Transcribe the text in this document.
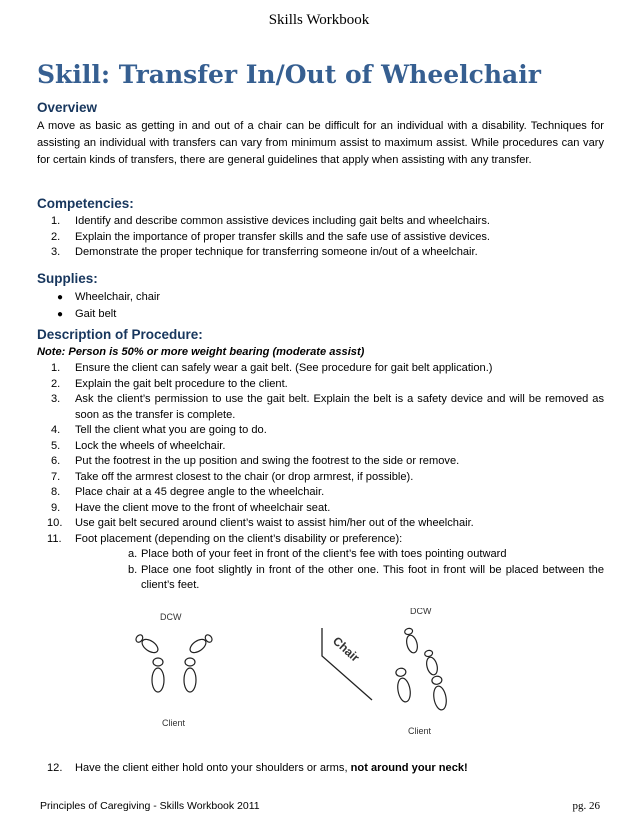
Skills Workbook
Skill: Transfer In/Out of Wheelchair
Overview
A move as basic as getting in and out of a chair can be difficult for an individual with a disability. Techniques for assisting an individual with transfers can vary from minimum assist to maximum assist. While procedures can vary for certain kinds of transfers, there are general guidelines that apply when assisting with any transfer.
Competencies:
1. Identify and describe common assistive devices including gait belts and wheelchairs.
2. Explain the importance of proper transfer skills and the safe use of assistive devices.
3. Demonstrate the proper technique for transferring someone in/out of a wheelchair.
Supplies:
● Wheelchair, chair
● Gait belt
Description of Procedure:
Note: Person is 50% or more weight bearing (moderate assist)
1. Ensure the client can safely wear a gait belt. (See procedure for gait belt application.)
2. Explain the gait belt procedure to the client.
3. Ask the client’s permission to use the gait belt. Explain the belt is a safety device and will be removed as soon as the transfer is complete.
4. Tell the client what you are going to do.
5. Lock the wheels of wheelchair.
6. Put the footrest in the up position and swing the footrest to the side or remove.
7. Take off the armrest closest to the chair (or drop armrest, if possible).
8. Place chair at a 45 degree angle to the wheelchair.
9. Have the client move to the front of wheelchair seat.
10. Use gait belt secured around client’s waist to assist him/her out of the wheelchair.
11. Foot placement (depending on the client’s disability or preference):
a. Place both of your feet in front of the client’s fee with toes pointing outward
b. Place one foot slightly in front of the other one. This foot in front will be placed between the client’s feet.
DCW
Client
Chair
DCW
Client
12. Have the client either hold onto your shoulders or arms, not around your neck!
Principles of Caregiving - Skills Workbook 2011	pg. 26
